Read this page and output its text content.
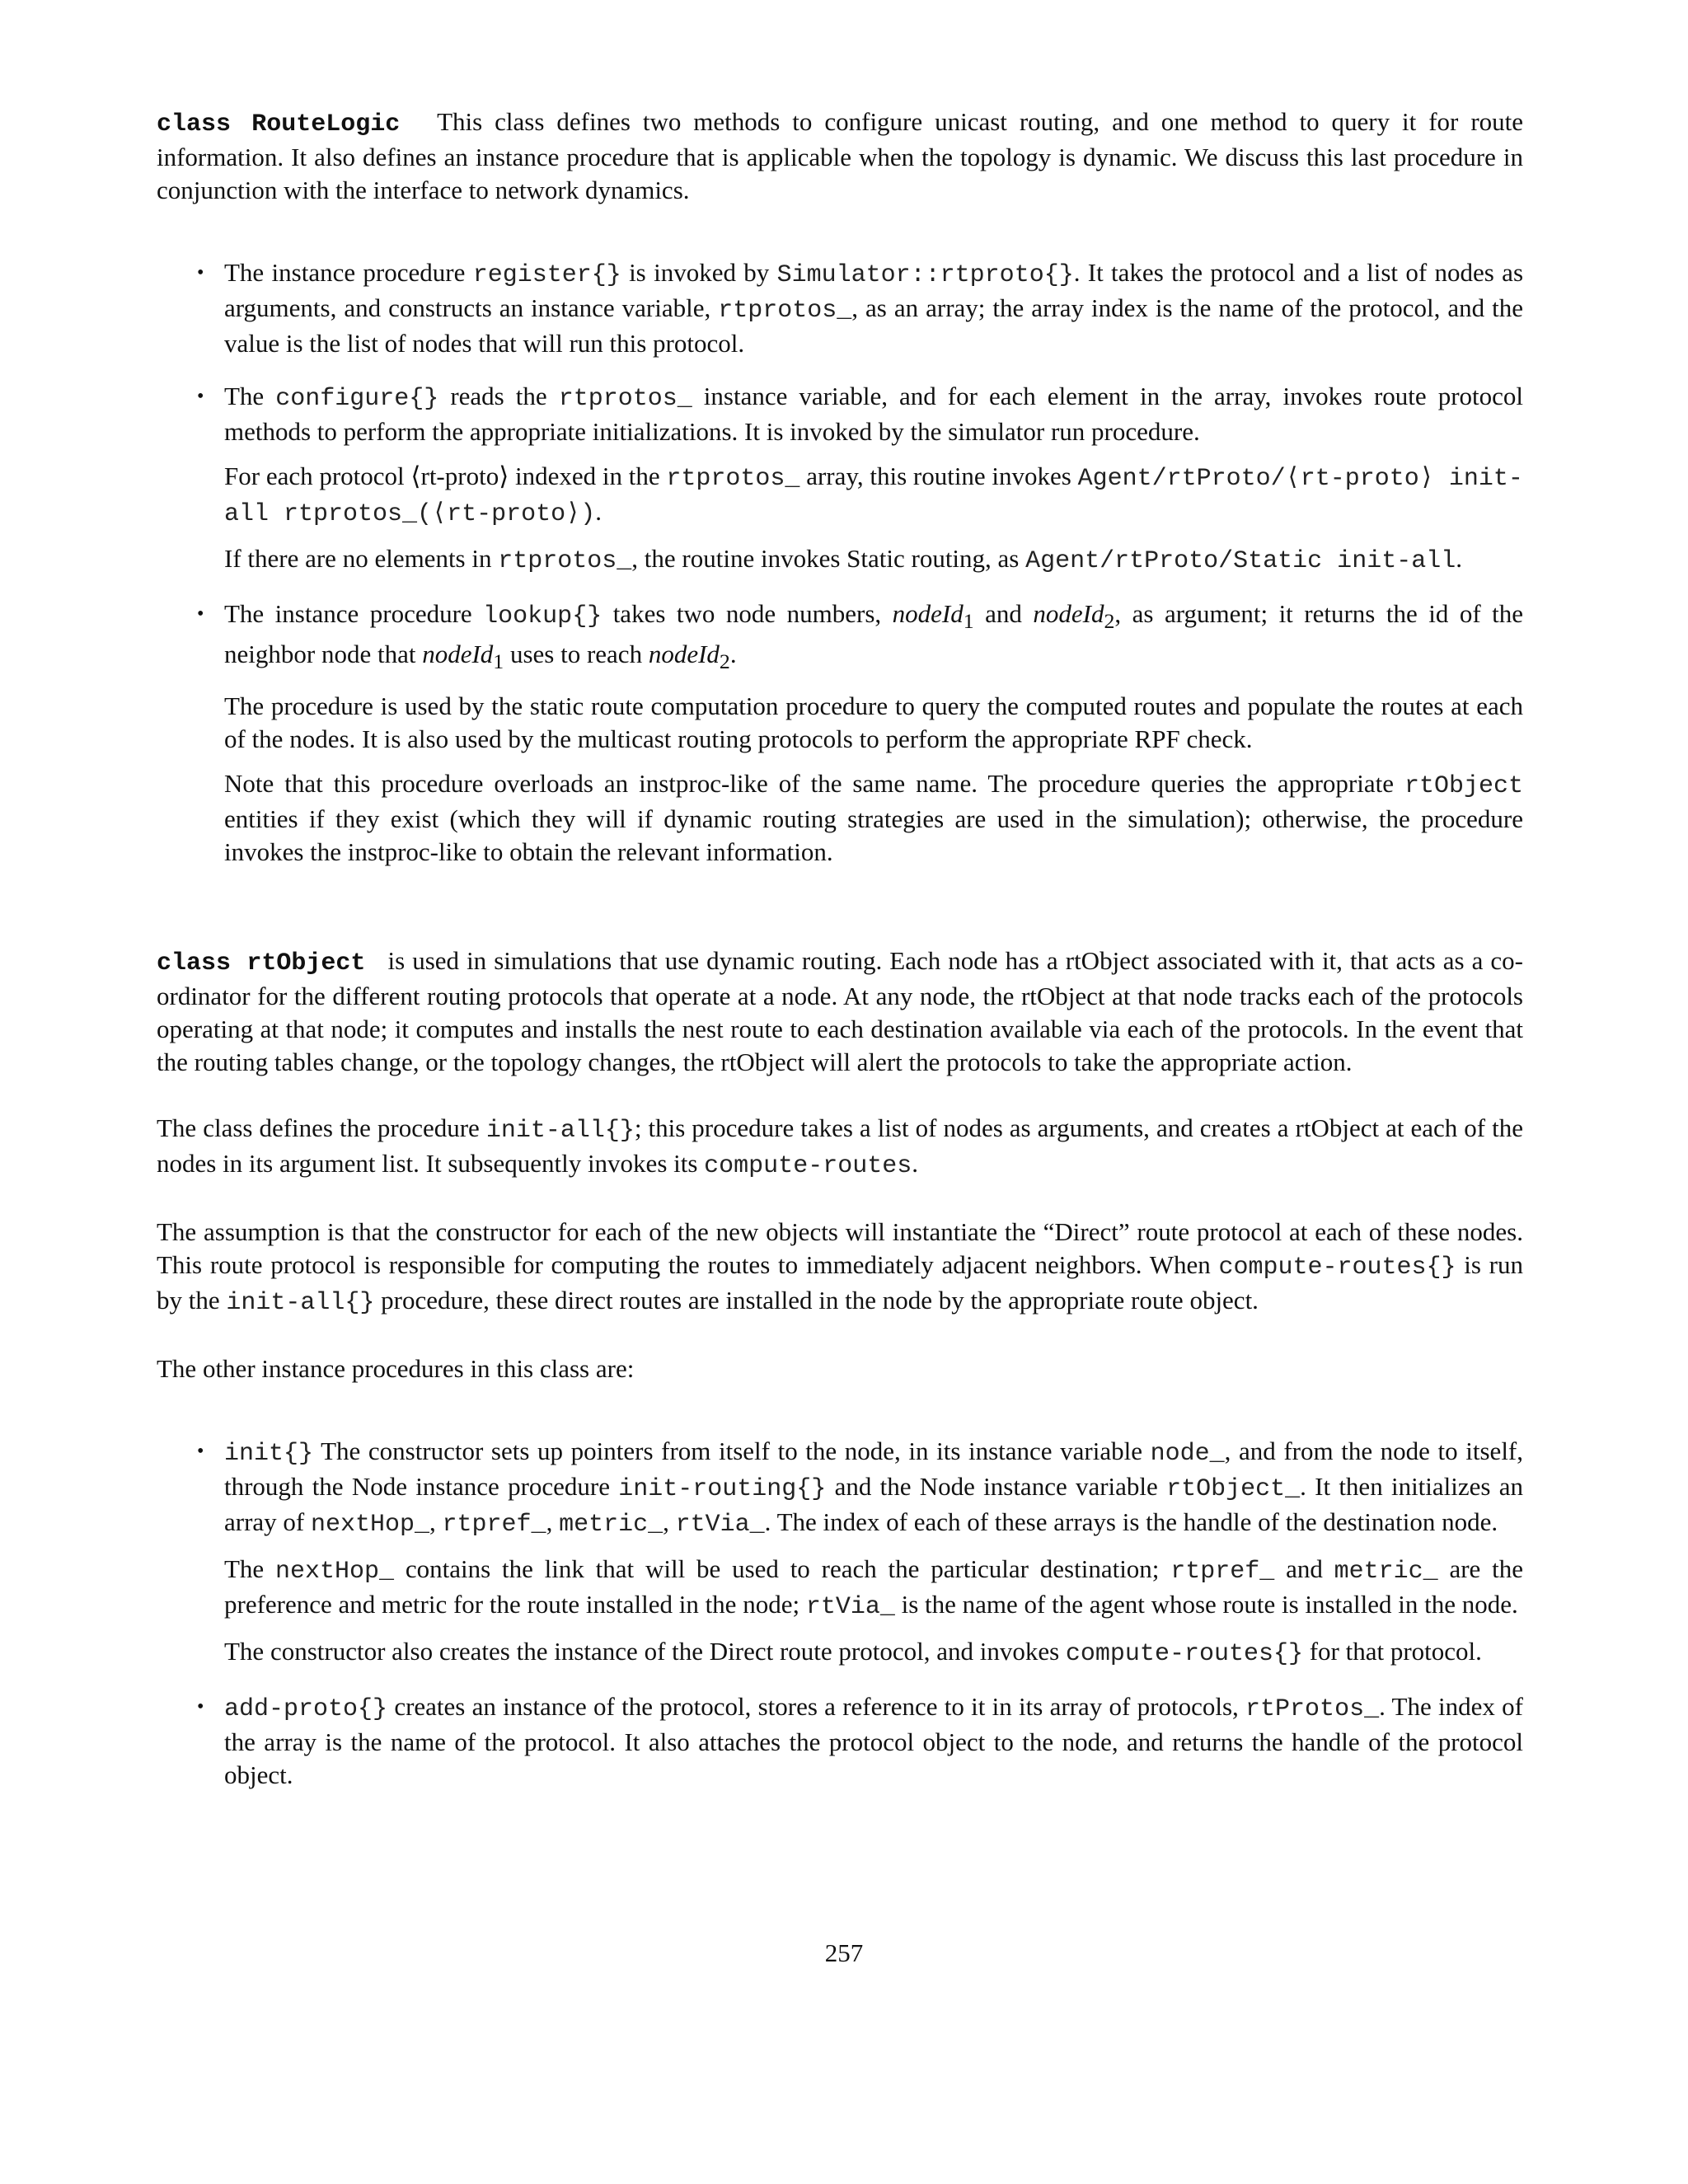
class RouteLogic This class defines two methods to configure unicast routing, and one method to query it for route information. It also defines an instance procedure that is applicable when the topology is dynamic. We discuss this last procedure in conjunction with the interface to network dynamics.

• The instance procedure register{} is invoked by Simulator::rtproto{}. It takes the protocol and a list of nodes as arguments, and constructs an instance variable, rtprotos_, as an array; the array index is the name of the protocol, and the value is the list of nodes that will run this protocol.

• The configure{} reads the rtprotos_ instance variable, and for each element in the array, invokes route protocol methods to perform the appropriate initializations. It is invoked by the simulator run procedure.

For each protocol ⟨rt-proto⟩ indexed in the rtprotos_ array, this routine invokes Agent/rtProto/⟨rt-proto⟩ init-all rtprotos_(⟨rt-proto⟩).

If there are no elements in rtprotos_, the routine invokes Static routing, as Agent/rtProto/Static init-all.

• The instance procedure lookup{} takes two node numbers, nodeId$_1$ and nodeId$_2$, as argument; it returns the id of the neighbor node that nodeId$_1$ uses to reach nodeId$_2$.

The procedure is used by the static route computation procedure to query the computed routes and populate the routes at each of the nodes. It is also used by the multicast routing protocols to perform the appropriate RPF check.

Note that this procedure overloads an instproc-like of the same name. The procedure queries the appropriate rtObject entities if they exist (which they will if dynamic routing strategies are used in the simulation); otherwise, the procedure invokes the instproc-like to obtain the relevant information.

class rtObject   is used in simulations that use dynamic routing. Each node has a rtObject associated with it, that acts as a co-ordinator for the different routing protocols that operate at a node. At any node, the rtObject at that node tracks each of the protocols operating at that node; it computes and installs the nest route to each destination available via each of the protocols. In the event that the routing tables change, or the topology changes, the rtObject will alert the protocols to take the appropriate action.

The class defines the procedure init-all{}; this procedure takes a list of nodes as arguments, and creates a rtObject at each of the nodes in its argument list. It subsequently invokes its compute-routes.

The assumption is that the constructor for each of the new objects will instantiate the “Direct” route protocol at each of these nodes. This route protocol is responsible for computing the routes to immediately adjacent neighbors. When compute-routes{} is run by the init-all{} procedure, these direct routes are installed in the node by the appropriate route object.

The other instance procedures in this class are:

• init{} The constructor sets up pointers from itself to the node, in its instance variable node_, and from the node to itself, through the Node instance procedure init-routing{} and the Node instance variable rtObject_. It then initializes an array of nextHop_, rtpref_, metric_, rtVia_. The index of each of these arrays is the handle of the destination node.

The nextHop_ contains the link that will be used to reach the particular destination; rtpref_ and metric_ are the preference and metric for the route installed in the node; rtVia_ is the name of the agent whose route is installed in the node.

The constructor also creates the instance of the Direct route protocol, and invokes compute-routes{} for that protocol.

• add-proto{} creates an instance of the protocol, stores a reference to it in its array of protocols, rtProtos_. The index of the array is the name of the protocol. It also attaches the protocol object to the node, and returns the handle of the protocol object.

257
